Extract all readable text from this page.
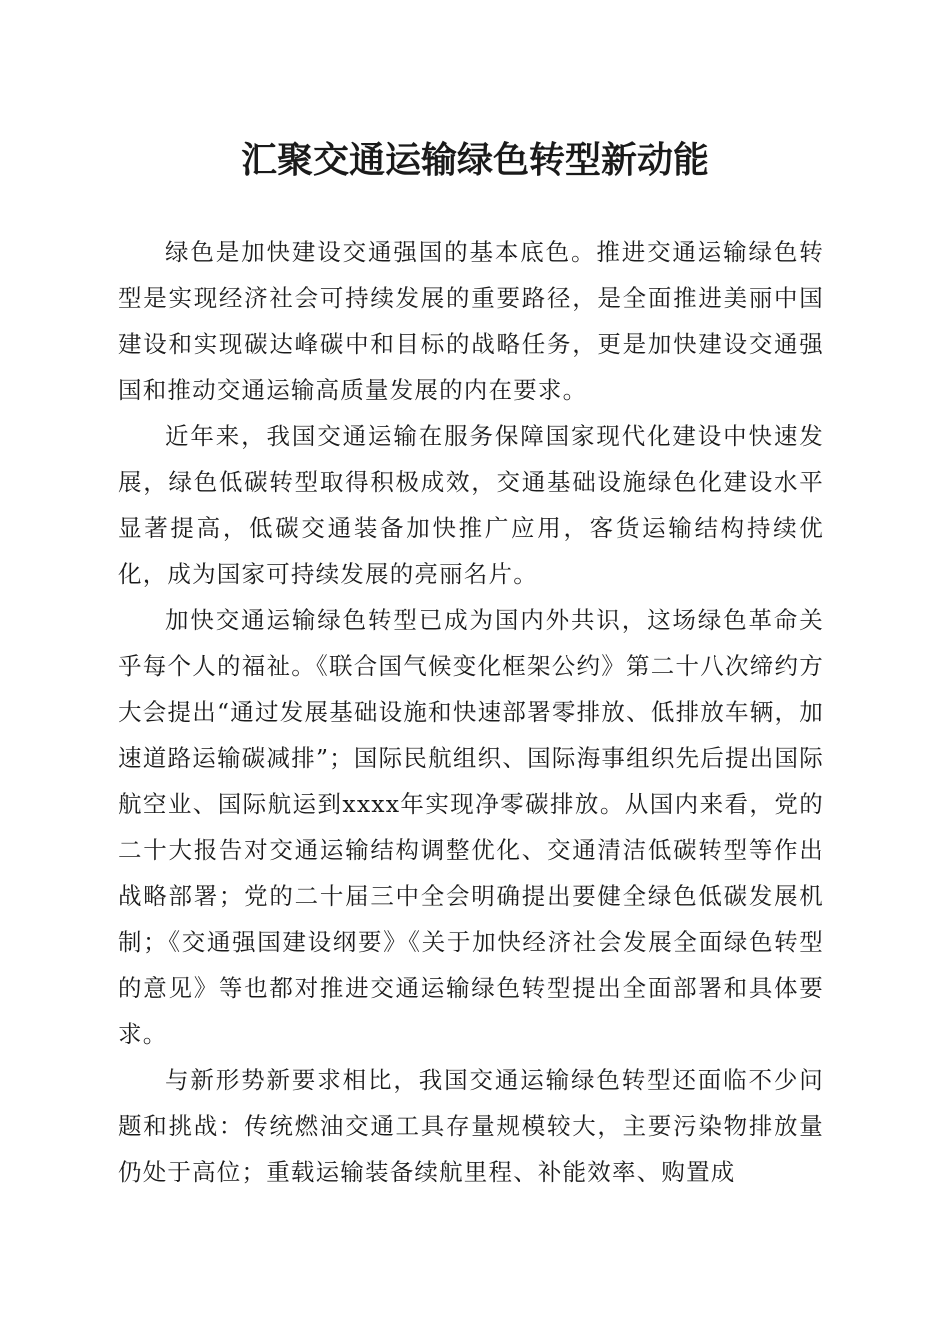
汇聚交通运输绿色转型新动能

绿色是加快建设交通强国的基本底色。推进交通运输绿色转型是实现经济社会可持续发展的重要路径，是全面推进美丽中国建设和实现碳达峰碳中和目标的战略任务，更是加快建设交通强国和推动交通运输高质量发展的内在要求。

近年来，我国交通运输在服务保障国家现代化建设中快速发展，绿色低碳转型取得积极成效，交通基础设施绿色化建设水平显著提高，低碳交通装备加快推广应用，客货运输结构持续优化，成为国家可持续发展的亮丽名片。

加快交通运输绿色转型已成为国内外共识，这场绿色革命关乎每个人的福祉。《联合国气候变化框架公约》第二十八次缔约方大会提出“通过发展基础设施和快速部署零排放、低排放车辆，加速道路运输碳减排”；国际民航组织、国际海事组织先后提出国际航空业、国际航运到xxxx年实现净零碳排放。从国内来看，党的二十大报告对交通运输结构调整优化、交通清洁低碳转型等作出战略部署；党的二十届三中全会明确提出要健全绿色低碳发展机制；《交通强国建设纲要》《关于加快经济社会发展全面绿色转型的意见》等也都对推进交通运输绿色转型提出全面部署和具体要求。

与新形势新要求相比，我国交通运输绿色转型还面临不少问题和挑战：传统燃油交通工具存量规模较大，主要污染物排放量仍处于高位；重载运输装备续航里程、补能效率、购置成
